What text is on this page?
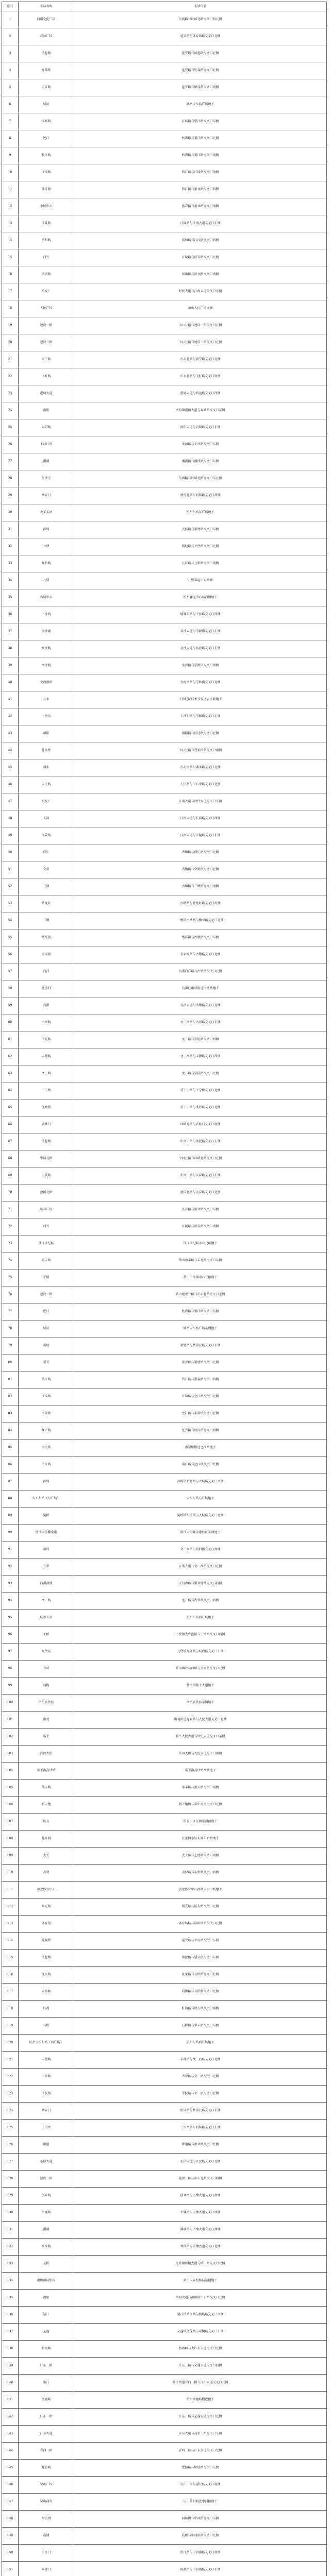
序号	车站名称	车站位置
1	西湖文化广场	东新路与环城北路交叉口西北侧
2	武林广场	延安路与体育场路交叉口北侧
3	凤起路	延安路与凤起路交叉口北侧
4	龙翔桥	延安路与庆春路交叉口北侧
5	定安路	延安路与解放路交叉口南侧
6	城站	城站火车站广场地下
7	江城路	江城路与望江路交叉口东侧
8	近江	秋涛路与婺江路交叉口北侧
9	婺江路	秋涛路与婺江路交叉口南侧
10	江锦路	钱江路与江锦路交叉口南侧
11	钱江路	钱江路与新业路交叉口西侧
12	市民中心	富春路与新业路交叉口南侧
13	江陵路	江陵路与江南大道交叉口东侧
14	滨和路	滨和路与江汉路交叉口西侧
15	西兴	江陵路与滨安路交叉口北侧
16	滨康路	滨康路与滨文路交叉口南侧
17	杭发厂	时代大道与江南大道交叉口东侧
18	人民广场	萧山人民广场南侧
19	建设一路	市心北路与建设一路交叉口北侧
20	建设三路	市心北路与建设三路交叉口北侧
21	振宁路	市心北路与振宁路交叉口北侧
22	飞虹路	市心北路与飞虹路交叉口南侧
23	港城大道	港城大道与鸿达路交叉口西侧
24	南阳	南阳镇南阳大道与春潮路交叉口东侧
25	向阳路	南阳大道与向阳路交叉口东侧
26	下沙江滨	文渊路与下沙路交叉口东侧
27	湘湖	湘湖路与湘西路交叉口东侧
28	打铁关	东新路与环城北路交叉口东北侧
29	闸弄口	秋涛北路与机场路交叉口西侧
30	火车东站	杭州东站东广场地下
31	彭埠	天城路与新塘路交叉口东侧
32	七堡	新塘路与七堡路交叉口北侧
33	九和路	九环路与九和路交叉口南侧
34	九堡	九堡客运中心西侧
35	客运中心	杭州客运中心站西侧地下
36	下沙西	德胜东路与下沙路交叉口西侧
37	金沙湖	金沙大道与学源街交叉口东侧
38	高沙路	金沙大道与高沙路交叉口东侧
39	文泽路	文泽路与学源街交叉口南侧
40	文海南路	文海南路与学林街交叉口北侧
41	云水	下沙经济技术开发区云水路地下
42	下沙东	下沙东路与学源街交叉口东侧
43	朝阳	朝阳路与虹达路交叉口北侧
44	曹家桥	市心北路与曹家桥路交叉口南侧
45	潘水	市心南路与潘水路交叉口北侧
46	人民路	人民路与市心中路交叉口北侧
47	杭发厂	江南大道与时代大道交叉口东侧
48	长河	江南大道与长河路交叉口西侧
49	江陵路	江南大道与江陵路交叉口东侧
50	联庄	古墩路与联庄路交叉口北侧
51	文新	古墩路与文新路交叉口北侧
52	三坝	古墩路与三墩路交叉口南侧
53	虾龙圩	古墩路与虾龙圩路交叉口南侧
54	三墩	三墩镇古墩路与墩余路交叉口北侧
55	墩祥街	墩祥街与古墩路交叉口东侧
56	金家渡	金家渡路与古墩路交叉口北侧
57	白洋	良渚白洋路与古墩路交叉口北侧
58	杜甫村	良渚杜甫村附近古墩路地下
59	良渚	良渚大道与古墩路交叉口北侧
60	古翠路	文二西路与古翠路交叉口东侧
61	学院路	文二路与学院路交叉口西侧
62	丰潭路	文二西路与丰潭路交叉口西侧
63	文三路	文三路与学院路交叉口北侧
64	下宁桥	莫干山路与下宁桥交叉口北侧
65	沈塘桥	莫干山路与文晖路交叉口北侧
66	武林门	环城北路与武林门交叉口南侧
67	凤起路	中河中路与凤起路交叉口东侧
68	中河北路	中河北路与环城北路交叉口北侧
69	庆菱路	中河中路与庆春路交叉口东侧
70	建国北路	建国北路与庆春路交叉口北侧
71	庆春广场	庆春路与新业路交叉口东侧
72	西兴	江陵路与滨安路交叉口南侧
73	钱江世纪城	钱江世纪城市心北路地下
74	盈丰路	萧山盈丰路与丰北路交叉口东侧
75	宁围	萧山宁围镇市心北路地下
76	建设一路	萧山建设一路与市心北路交叉口东侧
77	近江	秋涛路与婺江路交叉口东侧
78	城站	城站火车站广场东侧地下
79	新塘	新塘路与秋涛北路交叉口东侧
80	景芳	景芳路与新塘路交叉口北侧
81	钱江路	钱江路与富春路交叉口西侧
82	江锦路	江锦路与之江路交叉口北侧
83	水澄桥	之江路与水澄桥交叉口北侧
84	复兴路	复兴路与秋涛路交叉口西侧
85	南星桥	南星桥附近之江路地下
86	甬江路	甬江路与之江路交叉口北侧
87	彭埠	彭埠镇新塘路与天城路交叉口南侧
88	火车东站（东广场）	火车东站东广场地下
89	笕桥	笕桥镇机场路与天城路交叉口北侧
90	浙江大学紫金港	浙江大学紫金港校区东侧地下
91	蒋村	文一西路与蒋村街交叉口南侧
92	五常	五常大道与文一西路交叉口北侧
93	西溪湿地	天目山路与紫金港路交叉口西侧
94	文三路	文三路与古翠路交叉口西侧
95	杭州东站	杭州东站西广场地下
96	丁桥	丁桥镇大农港路与丁桥路交叉口西侧
97	九堡东	九堡镇九环路与杭海路交叉口东侧
98	乔司	乔司镇乔莫西路与星河路交叉口北侧
99	翁梅	翁梅镇临平大道地下
100	余杭高铁站	余杭高铁站东侧地下
101	南苑	南苑街道迎宾路与人民大道交叉口北侧
102	临平	临平人民大道与世纪大道交叉口东侧
103	邱山大街	邱山大街与人民大道交叉口南侧
104	临平南高铁站	临平南高铁站西侧地下
105	华丰路	华丰路与新天路交叉口南侧
106	新天地	新天地街与华中南路交叉口北侧
107	杭氧	杭氧小区东侧东新路地下
108	北景园	北景园小区东侧东新路地下
109	大关	大关路与上塘路交叉口南侧
110	善贤	善贤路与东新路交叉口西侧
111	黄龙体育中心	黄龙体育中心南侧天目山路地下
112	曙光路	曙光路与杭大路交叉口北侧
113	体育馆	体育场路与环城西路交叉口北侧
114	龙翔桥	延安路与平海路交叉口东侧
115	凤起路	凤起路与延安路交叉口东侧
116	沈家路	沈家路与石桥路交叉口北侧
117	同协路	同协路与石桥路交叉口北侧
118	虹湾	虹湾路与秋石路交叉口南侧
119	石桥	石桥路与华丰路交叉口东侧
120	杭州火车东站（西广场）	杭州东站西广场地下
121	丰潭路	丰潭路与文二西路交叉口北侧
122	古翠路	古翠路与文一路交叉口北侧
123	学院路	学院路与文一路交叉口北侧
124	闸弄口	机场路与秋涛北路交叉口东侧
125	三里亭	三里亭路与机场路交叉口东侧
126	御道	御道路与新业路交叉口北侧
127	东信大道	东信大道与江汉路交叉口北侧
128	建设一路	建设一路与市心北路交叉口西侧
129	创业路	创业路与风情大道交叉口南侧
130	平澜路	平澜路与风情大道交叉口西侧
131	湘湖	湘湖路与风情大道交叉口西侧
132	香樟路	香樟路与风情大道交叉口北侧
133	义桥	义桥镇风情大道与峡山路交叉口北侧
134	萧山国际机场	萧山国际机场航站楼地下
135	南阳	南阳大道与南阳镇中心路交叉口北侧
136	靖江	靖江镇靖江路与机场路交叉口南侧
137	义蓬	义蓬镇义蓬路与观澜路交叉口东侧
138	新湾路	新湾路与大江东大道交叉口北侧
139	江东二路	江东二路与义蓬大道交叉口西侧
140	临江	临江街道青西三路与江东大道交叉口北侧
141	金融城	杭州金融城附近地下
142	江东三路	江东三路与义蓬大道交叉口北侧
143	江东大道	江东大道与高新三路交叉口东侧
144	青西三路	青西三路与江东大道交叉口北侧
145	龙游路	龙游路与解放路交叉口东侧
146	吴山广场	吴山广场与延安路交叉口南侧
147	吴山前村	吴山前村附近中河路地下
148	河坊街	河坊街与中河路交叉口东侧
149	鼓楼	鼓楼与中河南路交叉口北侧
150	望江门	望江路与中河南路交叉口南侧
151	候潮门	候潮路与中河南路交叉口东侧
